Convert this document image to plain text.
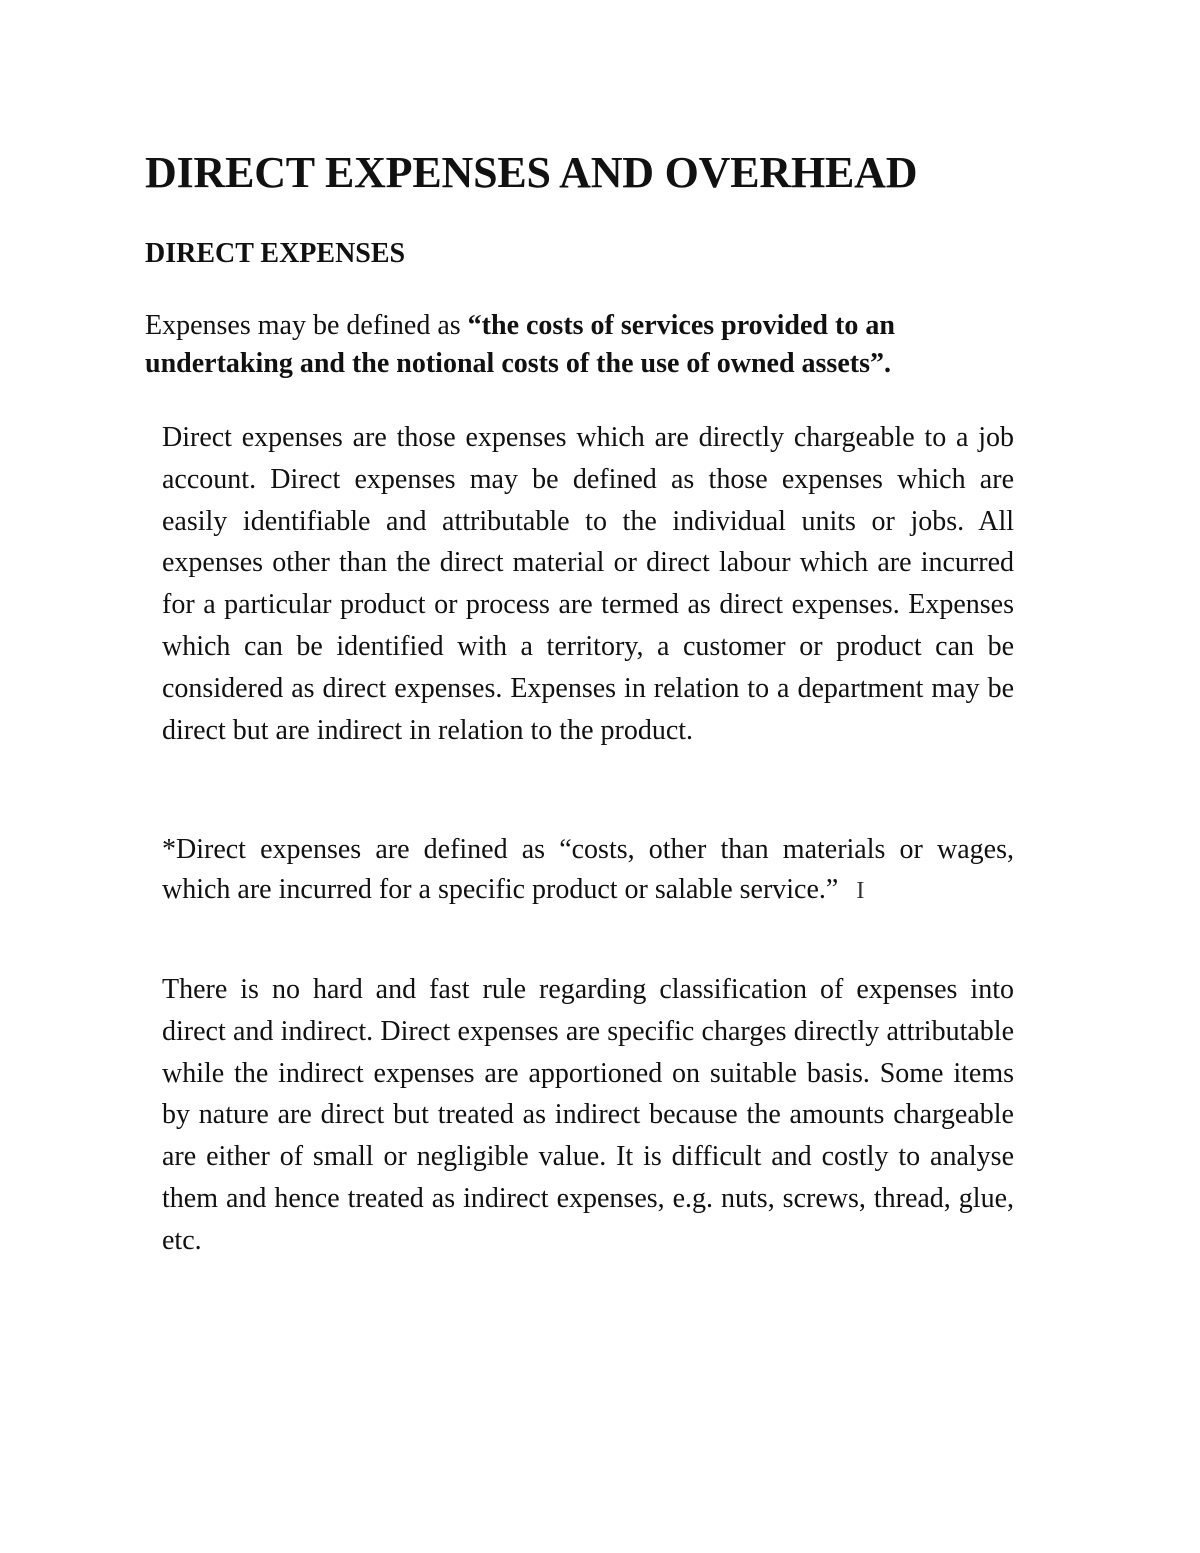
DIRECT EXPENSES AND OVERHEAD
DIRECT EXPENSES

Expenses may be defined as “the costs of services provided to an undertaking and the notional costs of the use of owned assets”.

Direct expenses are those expenses which are directly chargeable to a job account. Direct expenses may be defined as those expenses which are easily identifiable and attributable to the individual units or jobs. All expenses other than the direct material or direct labour which are incurred for a particular product or process are termed as direct expenses. Expenses which can be identified with a territory, a customer or product can be considered as direct expenses. Expenses in relation to a department may be direct but are indirect in relation to the product.

*Direct expenses are defined as “costs, other than materials or wages, which are incurred for a specific product or salable service.” I

There is no hard and fast rule regarding classification of expenses into direct and indirect. Direct expenses are specific charges directly attributable while the indirect expenses are apportioned on suitable basis. Some items by nature are direct but treated as indirect because the amounts chargeable are either of small or negligible value. It is difficult and costly to analyse them and hence treated as indirect expenses, e.g. nuts, screws, thread, glue, etc.
